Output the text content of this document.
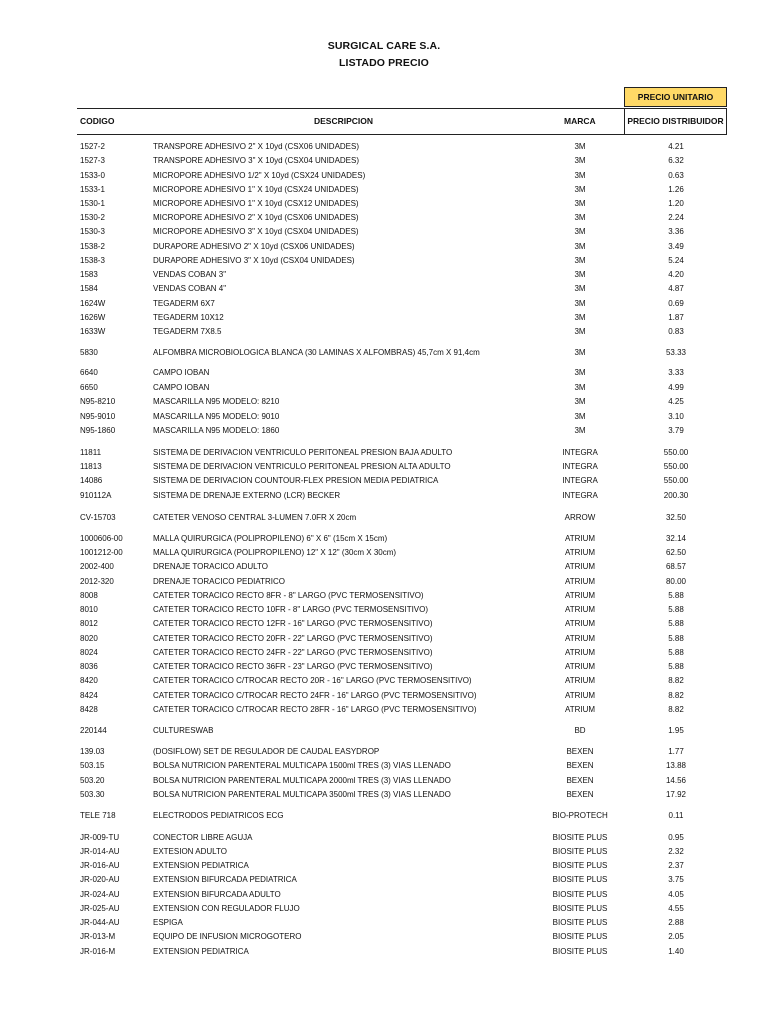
SURGICAL CARE S.A.
LISTADO PRECIO
PRECIO UNITARIO
CODIGO	DESCRIPCION	MARCA	PRECIO DISTRIBUIDOR
1527-2	TRANSPORE ADHESIVO 2" X 10yd (CSX06 UNIDADES)	3M	4.21
1527-3	TRANSPORE ADHESIVO 3" X 10yd (CSX04 UNIDADES)	3M	6.32
1533-0	MICROPORE ADHESIVO 1/2" X 10yd (CSX24 UNIDADES)	3M	0.63
1533-1	MICROPORE ADHESIVO 1" X 10yd (CSX24 UNIDADES)	3M	1.26
1530-1	MICROPORE ADHESIVO 1" X 10yd (CSX12 UNIDADES)	3M	1.20
1530-2	MICROPORE ADHESIVO 2" X 10yd (CSX06 UNIDADES)	3M	2.24
1530-3	MICROPORE ADHESIVO 3" X 10yd (CSX04 UNIDADES)	3M	3.36
1538-2	DURAPORE ADHESIVO 2" X 10yd (CSX06 UNIDADES)	3M	3.49
1538-3	DURAPORE ADHESIVO 3" X 10yd (CSX04 UNIDADES)	3M	5.24
1583	VENDAS COBAN 3"	3M	4.20
1584	VENDAS COBAN 4"	3M	4.87
1624W	TEGADERM 6X7	3M	0.69
1626W	TEGADERM 10X12	3M	1.87
1633W	TEGADERM 7X8.5	3M	0.83
5830	ALFOMBRA MICROBIOLOGICA BLANCA (30 LAMINAS X ALFOMBRAS) 45,7cm X 91,4cm	3M	53.33
6640	CAMPO IOBAN	3M	3.33
6650	CAMPO IOBAN	3M	4.99
N95-8210	MASCARILLA N95 MODELO: 8210	3M	4.25
N95-9010	MASCARILLA N95 MODELO: 9010	3M	3.10
N95-1860	MASCARILLA N95 MODELO: 1860	3M	3.79
11811	SISTEMA DE DERIVACION VENTRICULO PERITONEAL PRESION BAJA ADULTO	INTEGRA	550.00
11813	SISTEMA DE DERIVACION VENTRICULO PERITONEAL PRESION ALTA ADULTO	INTEGRA	550.00
14086	SISTEMA DE DERIVACION COUNTOUR-FLEX PRESION MEDIA PEDIATRICA	INTEGRA	550.00
910112A	SISTEMA DE DRENAJE EXTERNO (LCR) BECKER	INTEGRA	200.30
CV-15703	CATETER VENOSO CENTRAL 3-LUMEN 7.0FR X 20cm	ARROW	32.50
1000606-00	MALLA QUIRURGICA (POLIPROPILENO) 6" X 6" (15cm X 15cm)	ATRIUM	32.14
1001212-00	MALLA QUIRURGICA (POLIPROPILENO) 12" X 12" (30cm X 30cm)	ATRIUM	62.50
2002-400	DRENAJE TORACICO ADULTO	ATRIUM	68.57
2012-320	DRENAJE TORACICO PEDIATRICO	ATRIUM	80.00
8008	CATETER TORACICO RECTO 8FR - 8" LARGO (PVC TERMOSENSITIVO)	ATRIUM	5.88
8010	CATETER TORACICO RECTO 10FR - 8" LARGO (PVC TERMOSENSITIVO)	ATRIUM	5.88
8012	CATETER TORACICO RECTO 12FR - 16" LARGO (PVC TERMOSENSITIVO)	ATRIUM	5.88
8020	CATETER TORACICO RECTO 20FR - 22" LARGO (PVC TERMOSENSITIVO)	ATRIUM	5.88
8024	CATETER TORACICO RECTO 24FR - 22" LARGO (PVC TERMOSENSITIVO)	ATRIUM	5.88
8036	CATETER TORACICO RECTO 36FR - 23" LARGO (PVC TERMOSENSITIVO)	ATRIUM	5.88
8420	CATETER TORACICO C/TROCAR RECTO 20R - 16" LARGO (PVC TERMOSENSITIVO)	ATRIUM	8.82
8424	CATETER TORACICO C/TROCAR RECTO 24FR - 16" LARGO (PVC TERMOSENSITIVO)	ATRIUM	8.82
8428	CATETER TORACICO C/TROCAR RECTO 28FR - 16" LARGO (PVC TERMOSENSITIVO)	ATRIUM	8.82
220144	CULTURESWAB	BD	1.95
139.03	(DOSIFLOW) SET DE REGULADOR DE CAUDAL EASYDROP	BEXEN	1.77
503.15	BOLSA NUTRICION PARENTERAL MULTICAPA 1500ml TRES (3) VIAS LLENADO	BEXEN	13.88
503.20	BOLSA NUTRICION PARENTERAL MULTICAPA 2000ml TRES (3) VIAS LLENADO	BEXEN	14.56
503.30	BOLSA NUTRICION PARENTERAL MULTICAPA 3500ml TRES (3) VIAS LLENADO	BEXEN	17.92
TELE 718	ELECTRODOS PEDIATRICOS ECG	BIO-PROTECH	0.11
JR-009-TU	CONECTOR LIBRE AGUJA	BIOSITE PLUS	0.95
JR-014-AU	EXTESION ADULTO	BIOSITE PLUS	2.32
JR-016-AU	EXTENSION PEDIATRICA	BIOSITE PLUS	2.37
JR-020-AU	EXTENSION BIFURCADA PEDIATRICA	BIOSITE PLUS	3.75
JR-024-AU	EXTENSION BIFURCADA ADULTO	BIOSITE PLUS	4.05
JR-025-AU	EXTENSION CON REGULADOR FLUJO	BIOSITE PLUS	4.55
JR-044-AU	ESPIGA	BIOSITE PLUS	2.88
JR-013-M	EQUIPO DE INFUSION MICROGOTERO	BIOSITE PLUS	2.05
JR-016-M	EXTENSION PEDIATRICA	BIOSITE PLUS	1.40
